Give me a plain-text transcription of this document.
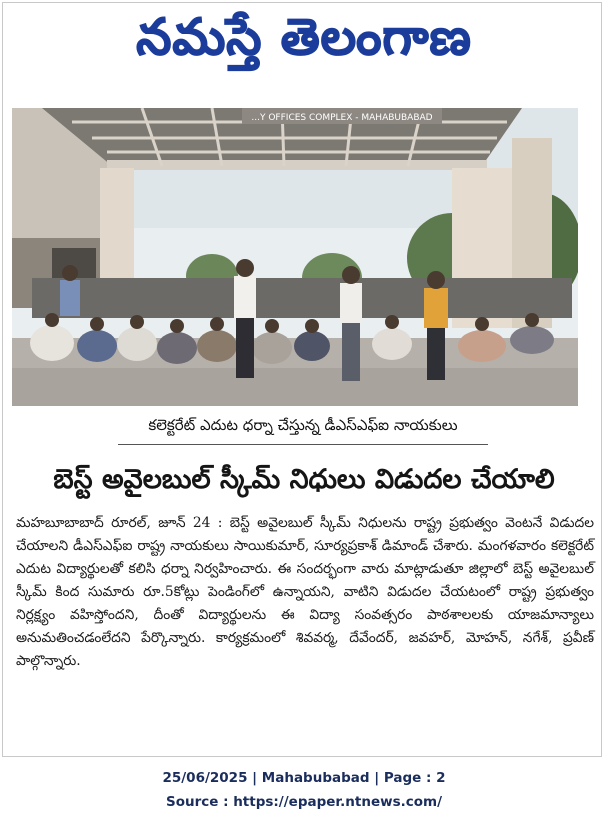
నమస్తే తెలంగాణ
...Y OFFICES COMPLEX - MAHABUBABAD
కలెక్టరేట్ ఎదుట ధర్నా చేస్తున్న డీఎస్ఎఫ్ఐ నాయకులు
బెస్ట్ అవైలబుల్ స్కీమ్ నిధులు విడుదల చేయాలి

మహబూబాబాద్ రూరల్, జూన్ 24 : బెస్ట్ అవైలబుల్ స్కీమ్ నిధులను రాష్ట్ర ప్రభుత్వం వెంటనే విడుదల చేయాలని డీఎస్ఎఫ్ఐ రాష్ట్ర నాయకులు సాయికుమార్, సూర్యప్రకాశ్ డిమాండ్ చేశారు. మంగళవారం కలెక్టరేట్ ఎదుట విద్యార్థులతో కలిసి ధర్నా నిర్వహించారు. ఈ సందర్భంగా వారు మాట్లాడుతూ జిల్లాలో బెస్ట్ అవైలబుల్ స్కీమ్ కింద సుమారు రూ.5కోట్లు పెండింగ్‌లో ఉన్నాయని, వాటిని విడుదల చేయటంలో రాష్ట్ర ప్రభుత్వం నిర్లక్ష్యం వహిస్తోందని, దీంతో విద్యార్థులను ఈ విద్యా సంవత్సరం పాఠశాలలకు యాజమాన్యాలు అనుమతించడంలేదని పేర్కొన్నారు. కార్యక్రమంలో శివవర్మ, దేవేందర్, జవహర్, మోహన్, నగేశ్, ప్రవీణ్ పాల్గొన్నారు.

25/06/2025 | Mahabubabad | Page : 2
Source : https://epaper.ntnews.com/
